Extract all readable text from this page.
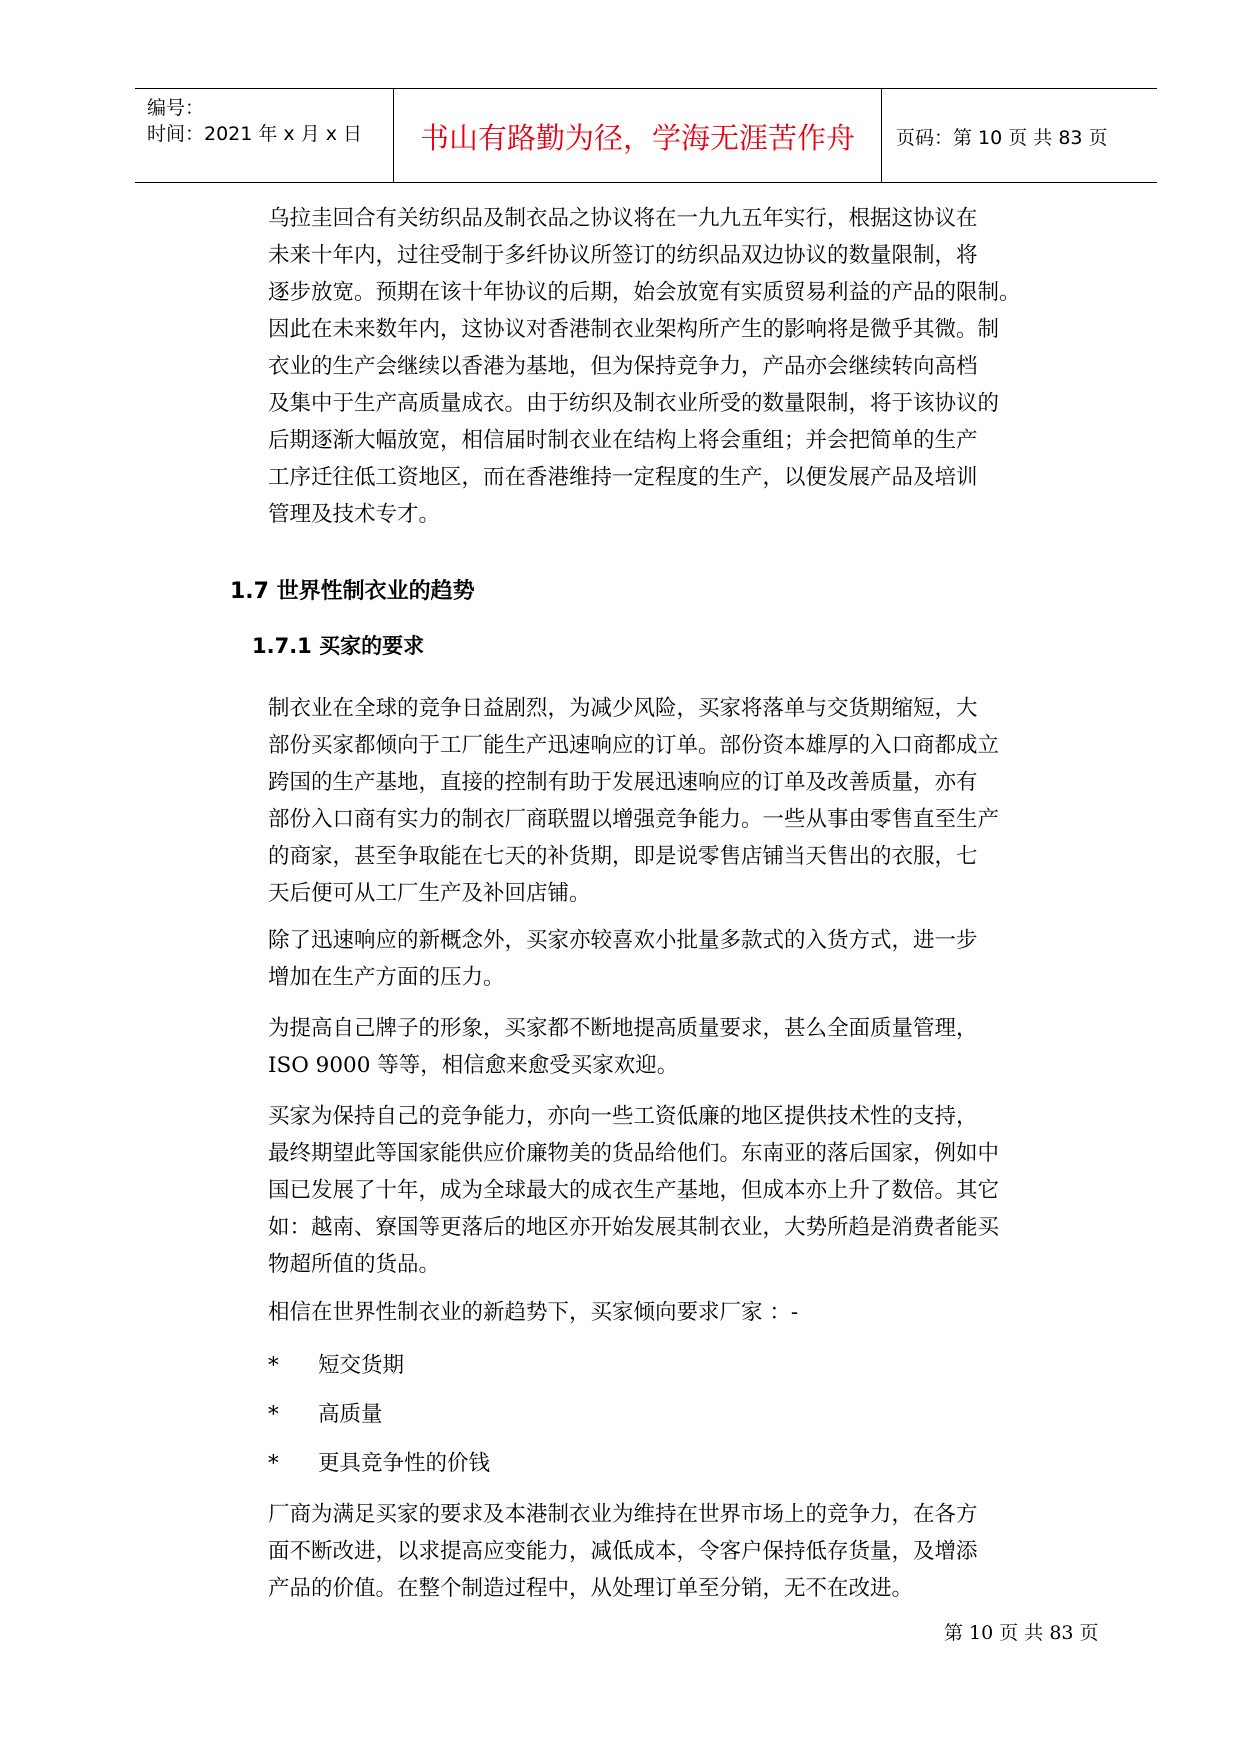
编号：
时间：2021 年 x 月 x 日	书山有路勤为径，学海无涯苦作舟	页码：第 10 页 共 83 页
乌拉圭回合有关纺织品及制衣品之协议将在一九九五年实行，根据这协议在
未来十年内，过往受制于多纤协议所签订的纺织品双边协议的数量限制，将
逐步放宽。预期在该十年协议的后期，始会放宽有实质贸易利益的产品的限制。
因此在未来数年内，这协议对香港制衣业架构所产生的影响将是微乎其微。制
衣业的生产会继续以香港为基地，但为保持竞争力，产品亦会继续转向高档
及集中于生产高质量成衣。由于纺织及制衣业所受的数量限制，将于该协议的
后期逐渐大幅放宽，相信届时制衣业在结构上将会重组；并会把简单的生产
工序迁往低工资地区，而在香港维持一定程度的生产，以便发展产品及培训
管理及技术专才。
1.7 世界性制衣业的趋势
1.7.1 买家的要求
制衣业在全球的竞争日益剧烈，为减少风险，买家将落单与交货期缩短，大
部份买家都倾向于工厂能生产迅速响应的订单。部份资本雄厚的入口商都成立
跨国的生产基地，直接的控制有助于发展迅速响应的订单及改善质量，亦有
部份入口商有实力的制衣厂商联盟以增强竞争能力。一些从事由零售直至生产
的商家，甚至争取能在七天的补货期，即是说零售店铺当天售出的衣服，七
天后便可从工厂生产及补回店铺。
除了迅速响应的新概念外，买家亦较喜欢小批量多款式的入货方式，进一步
增加在生产方面的压力。
为提高自己牌子的形象，买家都不断地提高质量要求，甚么全面质量管理，
ISO 9000 等等，相信愈来愈受买家欢迎。
买家为保持自己的竞争能力，亦向一些工资低廉的地区提供技术性的支持，
最终期望此等国家能供应价廉物美的货品给他们。东南亚的落后国家，例如中
国已发展了十年，成为全球最大的成衣生产基地，但成本亦上升了数倍。其它
如：越南、寮国等更落后的地区亦开始发展其制衣业，大势所趋是消费者能买
物超所值的货品。
相信在世界性制衣业的新趋势下，买家倾向要求厂家 ：-
* 短交货期
* 高质量
* 更具竞争性的价钱
厂商为满足买家的要求及本港制衣业为维持在世界市场上的竞争力，在各方
面不断改进，以求提高应变能力，减低成本，令客户保持低存货量，及增添
产品的价值。在整个制造过程中，从处理订单至分销，无不在改进。
第 10 页 共 83 页
